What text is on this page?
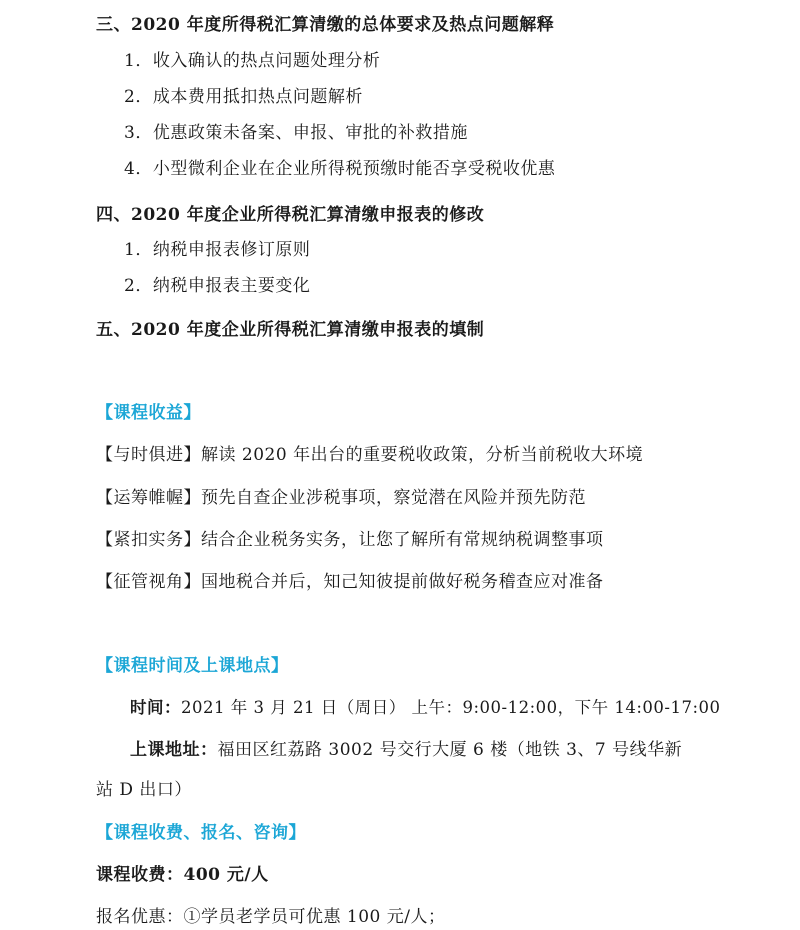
三、2020 年度所得税汇算清缴的总体要求及热点问题解释
1．收入确认的热点问题处理分析
2．成本费用抵扣热点问题解析
3．优惠政策未备案、申报、审批的补救措施
4．小型微利企业在企业所得税预缴时能否享受税收优惠
四、2020 年度企业所得税汇算清缴申报表的修改
1．纳税申报表修订原则
2．纳税申报表主要变化
五、2020 年度企业所得税汇算清缴申报表的填制
【课程收益】
【与时俱进】解读 2020 年出台的重要税收政策，分析当前税收大环境
【运筹帷幄】预先自查企业涉税事项，察觉潜在风险并预先防范
【紧扣实务】结合企业税务实务，让您了解所有常规纳税调整事项
【征管视角】国地税合并后，知己知彼提前做好税务稽查应对准备
【课程时间及上课地点】
时间：2021 年 3 月 21 日（周日） 上午：9:00-12:00，下午 14:00-17:00
上课地址：福田区红荔路 3002 号交行大厦 6 楼（地铁 3、7 号线华新
站 D 出口）
【课程收费、报名、咨询】
课程收费：400 元/人
报名优惠：①学员老学员可优惠 100 元/人；
